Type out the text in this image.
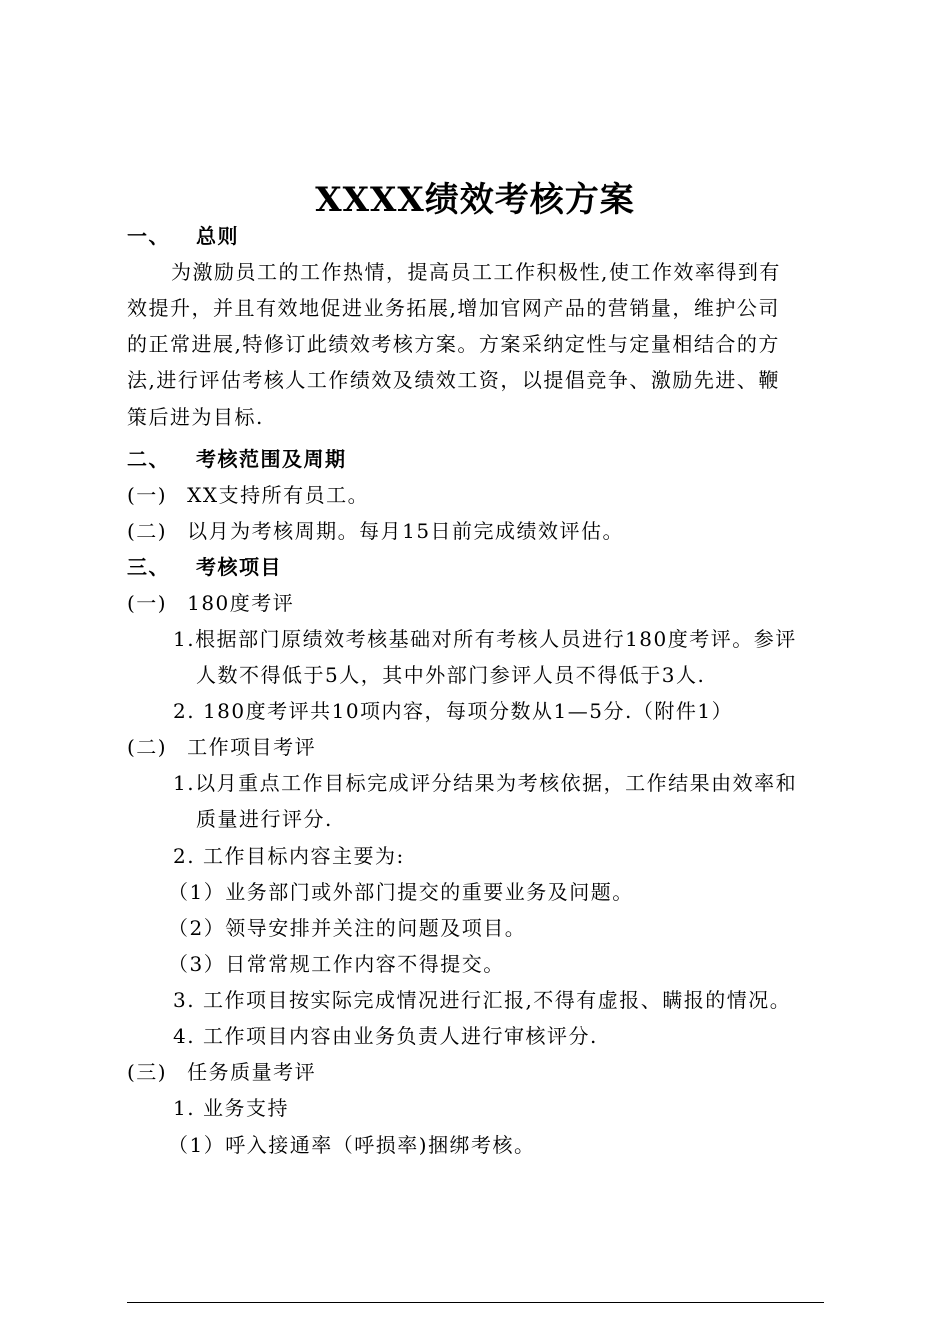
XXXX绩效考核方案
一、 总则
为激励员工的工作热情，提高员工工作积极性,使工作效率得到有
效提升，并且有效地促进业务拓展,增加官网产品的营销量，维护公司
的正常进展,特修订此绩效考核方案。方案采纳定性与定量相结合的方
法,进行评估考核人工作绩效及绩效工资，以提倡竞争、激励先进、鞭
策后进为目标.
二、 考核范围及周期
(一) XX支持所有员工。
(二) 以月为考核周期。每月15日前完成绩效评估。
三、 考核项目
(一) 180度考评
1.根据部门原绩效考核基础对所有考核人员进行180度考评。参评
人数不得低于5人，其中外部门参评人员不得低于3人.
2. 180度考评共10项内容，每项分数从1—5分.（附件1）
(二) 工作项目考评
1.以月重点工作目标完成评分结果为考核依据，工作结果由效率和
质量进行评分.
2. 工作目标内容主要为:
（1）业务部门或外部门提交的重要业务及问题。
（2）领导安排并关注的问题及项目。
（3）日常常规工作内容不得提交。
3. 工作项目按实际完成情况进行汇报,不得有虚报、瞒报的情况。
4. 工作项目内容由业务负责人进行审核评分.
(三) 任务质量考评
1. 业务支持
（1）呼入接通率（呼损率)捆绑考核。
